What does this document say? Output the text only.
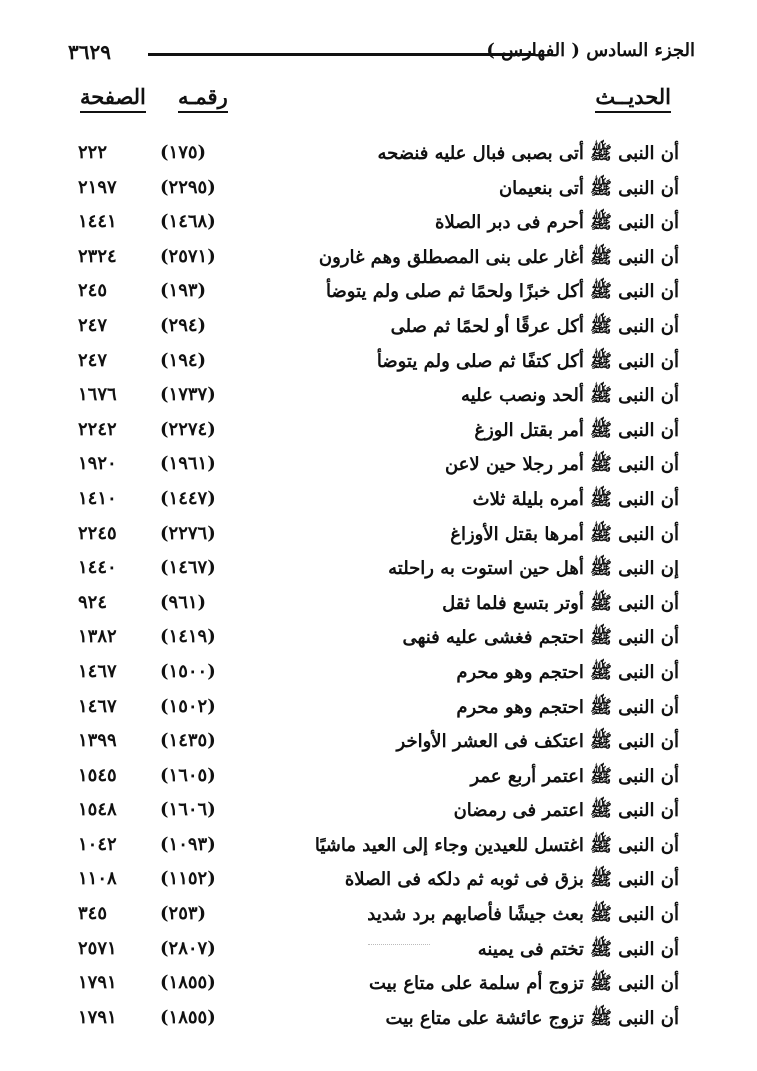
٣٦٢٩	الجزء السادس ( الفهارس )
الصفحة رقمـه	الحديــث
أن النبى ﷺ أتى بصبى فبال عليه فنضحه
(١٧٥)
٢٢٢
أن النبى ﷺ أتى بنعيمان
(٢٢٩٥)
٢١٩٧
أن النبى ﷺ أحرم فى دبر الصلاة
(١٤٦٨)
١٤٤١
أن النبى ﷺ أغار على بنى المصطلق وهم غارون
(٢٥٧١)
٢٣٢٤
أن النبى ﷺ أكل خبزًا ولحمًا ثم صلى ولم يتوضأ
(١٩٣)
٢٤٥
أن النبى ﷺ أكل عرقًا أو لحمًا ثم صلى
(٢٩٤)
٢٤٧
أن النبى ﷺ أكل كتفًا ثم صلى ولم يتوضأ
(١٩٤)
٢٤٧
أن النبى ﷺ ألحد ونصب عليه
(١٧٣٧)
١٦٧٦
أن النبى ﷺ أمر بقتل الوزغ
(٢٢٧٤)
٢٢٤٢
أن النبى ﷺ أمر رجلا حين لاعن
(١٩٦١)
١٩٢٠
أن النبى ﷺ أمره بليلة ثلاث
(١٤٤٧)
١٤١٠
أن النبى ﷺ أمرها بقتل الأوزاغ
(٢٢٧٦)
٢٢٤٥
إن النبى ﷺ أهل حين استوت به راحلته
(١٤٦٧)
١٤٤٠
أن النبى ﷺ أوتر بتسع فلما ثقل
(٩٦١)
٩٢٤
أن النبى ﷺ احتجم فغشى عليه فنهى
(١٤١٩)
١٣٨٢
أن النبى ﷺ احتجم وهو محرم
(١٥٠٠)
١٤٦٧
أن النبى ﷺ احتجم وهو محرم
(١٥٠٢)
١٤٦٧
أن النبى ﷺ اعتكف فى العشر الأواخر
(١٤٣٥)
١٣٩٩
أن النبى ﷺ اعتمر أربع عمر
(١٦٠٥)
١٥٤٥
أن النبى ﷺ اعتمر فى رمضان
(١٦٠٦)
١٥٤٨
أن النبى ﷺ اغتسل للعيدين وجاء إلى العيد ماشيًا
(١٠٩٣)
١٠٤٢
أن النبى ﷺ بزق فى ثوبه ثم دلكه فى الصلاة
(١١٥٢)
١١٠٨
أن النبى ﷺ بعث جيشًا فأصابهم برد شديد
(٢٥٣)
٣٤٥
أن النبى ﷺ تختم فى يمينه
(٢٨٠٧)
٢٥٧١
أن النبى ﷺ تزوج أم سلمة على متاع بيت
(١٨٥٥)
١٧٩١
أن النبى ﷺ تزوج عائشة على متاع بيت
(١٨٥٥)
١٧٩١
